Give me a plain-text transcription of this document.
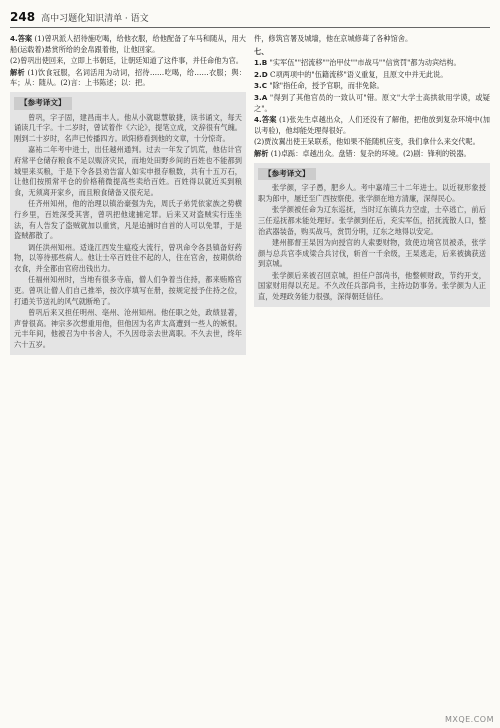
248 高中习题化知识清单 · 语文
4.答案 (1)曾巩派人招待施吃喝，给他衣服，给他配备了车马和随从，用大船(运载着)悬赏所给的金帛跟着他，让他回家。
(2)曾巩出使回来，立即上书朝廷，让朝廷知道了这件事，并任命他为官。
解析 (1)饮食冠服，名词活用为动词，招待……吃喝，给……衣服；舆：车；从：随从。(2)言：上书陈述；以：把。
【参考译文】
曾巩，字子固，建昌南丰人。他从小就聪慧敏捷，读书诵文，每天诵读几千字。十二岁时，曾试着作《六论》，提笔立成，文辞很有气魄。刚到二十岁时，名声已传播四方。欧阳修看到他的文章，十分惊奇。
嘉祐二年考中进士，出任越州通判。过去一年发了饥荒，他估计官府常平仓储存粮食不足以赈济灾民，而地处田野乡间的百姓也不能都到城里来买粮，于是下令各县劝告富人如实申报存粮数，共有十五万石，让他们按照常平仓的价格稍微提高些卖给百姓。百姓得以就近买到粮食，无须离开家乡，而且粮食储备又很充足。
任齐州知州，他的治理以镇治豪强为先，周氏子弟凭依家族之势横行乡里，百姓深受其害，曾巩把他逮捕定罪。后来又对盗贼实行连坐法，有人告发了盗贼就加以重赏，凡是追捕时自首的人可以免罪，于是盗贼都散了。
调任洪州知州。适逢江西发生瘟疫大流行，曾巩命令各县镇备好药物，以等待那些病人。他让士卒百姓住不起的人，住在官舍，按期供给衣食，并全都由官府出钱出力。
任福州知州时，当地有很多寺庙，僧人们争着当住持，都来贿赂官吏。曾巩让僧人们自己推举，按次序填写在册，按规定授予住持之位，打通关节送礼的风气就断绝了。
曾巩后来又担任明州、亳州、沧州知州。他任职之处，政绩显著，声誉很高。神宗多次想重用他，但他因为名声太高遭到一些人的嫉恨。元丰年间，他被召为中书舍人，不久因母亲去世离职。不久去世，终年六十五岁。
件，修筑官署及城墙，他在京城修葺了各种馆舍。
七、
1.B "实军伍""招流移""治甲仗""市战马""信赏罚"都为动宾结构。
2.D C项两项中的"伍籍流移"语义重复，且原文中并无此说。
3.C "除"指任命，授予官职，而非免除。
3.A "得到了其他官员的一致认可"错。原文"大学士高拱欲用学谟，或疑之"。
4.答案 (1)张先生卓越出众，人们还没有了解他，把他放到复杂环境中(加以考验)，他却能处理得很好。
(2)贾汝翼出使王呆联系，他如果不能随机应变，我们拿什么来交代呢。
解析 (1)卓跞：卓越出众。盘错：复杂的环境。(2)剧：锋利的锐器。
【参考译文】
张学颜，字子愚，肥乡人。考中嘉靖三十二年进士。以近视形象授职为郎中，屡迁至广西按察使。张学颜在地方清廉，深得民心。
张学颜被任命为辽东巡抚，当时辽东镇兵力空虚，士卒逃亡，前后三任巡抚都未能处理好。张学颜到任后，充实军伍，招抚流散人口，整治武器装备，购买战马，赏罚分明，辽东之地得以安定。
建州都督王杲因为向授官的人索要财物，致使边境官员被杀，张学颜与总兵官李成梁合兵讨伐，斩首一千余级，王杲逃走，后来被擒获送到京城。
张学颜后来被召回京城，担任户部尚书，他整顿财政，节约开支，国家财用得以充足。不久改任兵部尚书，主持边防事务。张学颜为人正直，处理政务能力很强，深得朝廷信任。
MXQE.COM
